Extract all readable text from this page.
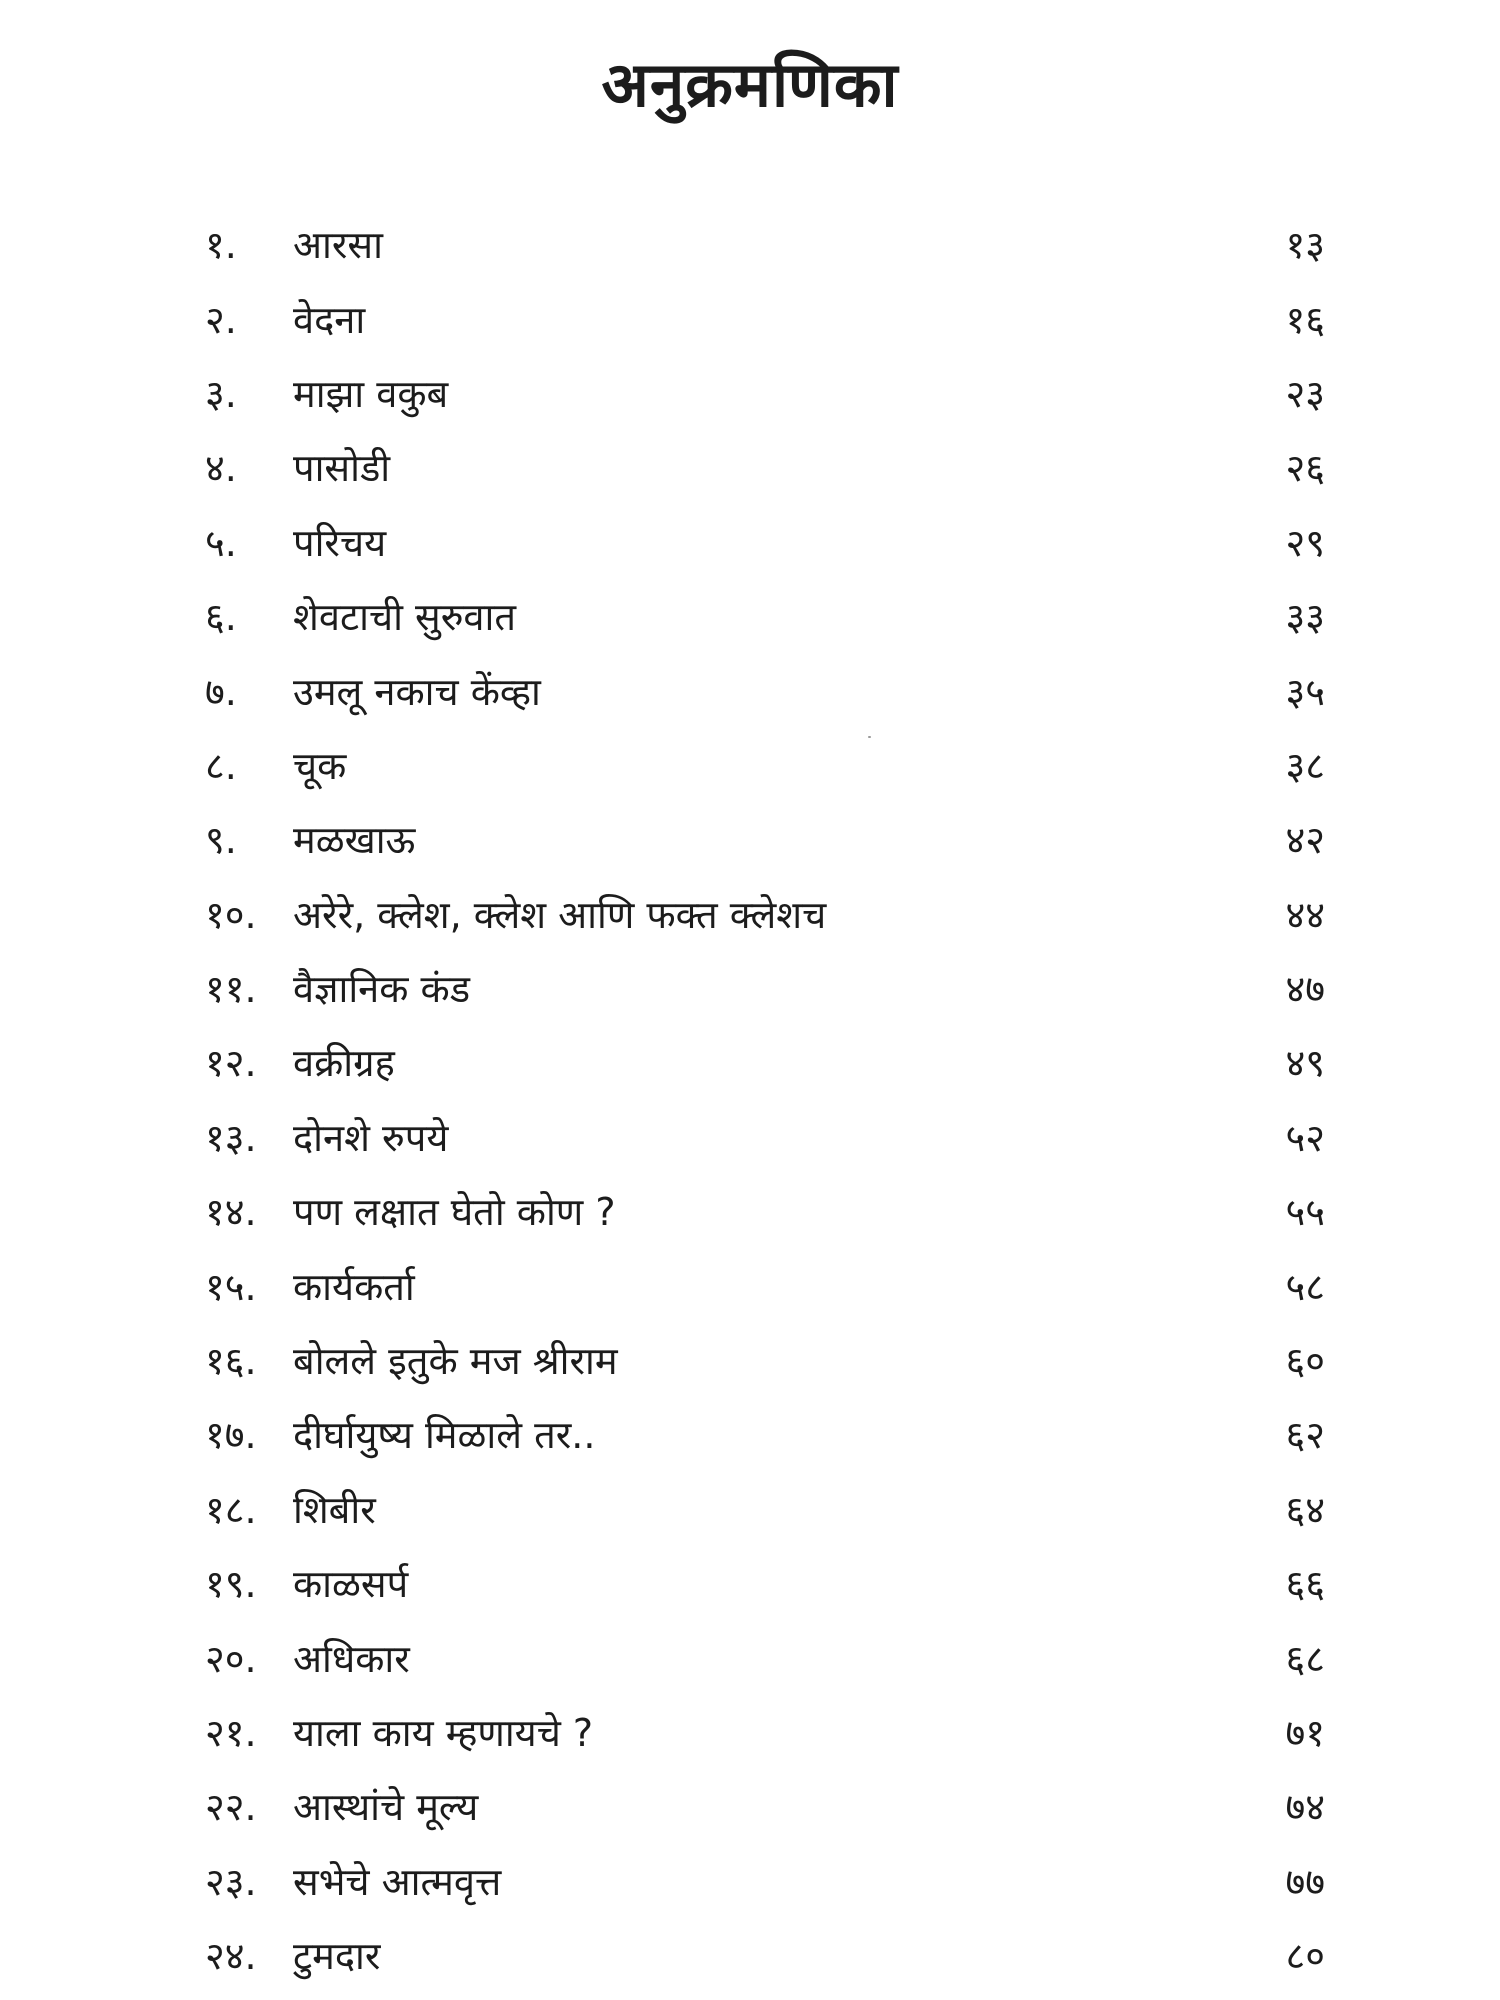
अनुक्रमणिका
१.	आरसा	१३
२.	वेदना	१६
३.	माझा वकुब	२३
४.	पासोडी	२६
५.	परिचय	२९
६.	शेवटाची सुरुवात	३३
७.	उमलू नकाच केंव्हा	३५
८.	चूक	३८
९.	मळखाऊ	४२
१०. अरेरे, क्लेश, क्लेश आणि फक्त क्लेशच	४४
११. वैज्ञानिक कंड	४७
१२. वक्रीग्रह	४९
१३. दोनशे रुपये	५२
१४. पण लक्षात घेतो कोण ?	५५
१५. कार्यकर्ता	५८
१६. बोलले इतुके मज श्रीराम	६०
१७. दीर्घायुष्य मिळाले तर..	६२
१८. शिबीर	६४
१९. काळसर्प	६६
२०. अधिकार	६८
२१. याला काय म्हणायचे ?	७१
२२. आस्थांचे मूल्य	७४
२३. सभेचे आत्मवृत्त	७७
२४. टुमदार	८०
